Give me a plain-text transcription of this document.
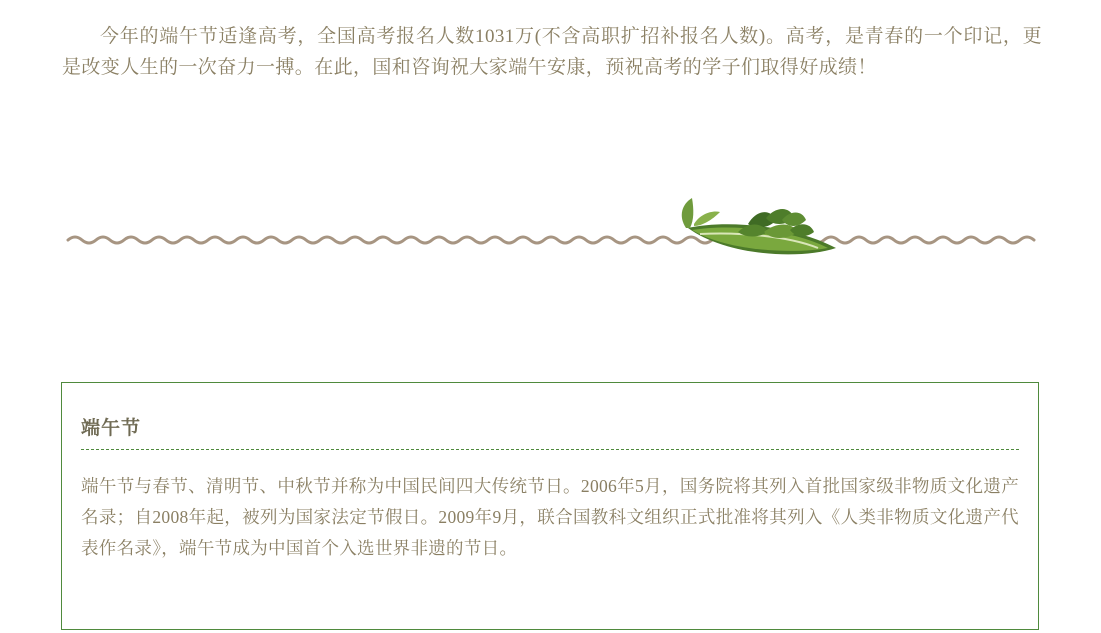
今年的端午节适逢高考，全国高考报名人数1031万(不含高职扩招补报名人数)。高考，是青春的一个印记，更是改变人生的一次奋力一搏。在此，国和咨询祝大家端午安康，预祝高考的学子们取得好成绩！

端午节
端午节与春节、清明节、中秋节并称为中国民间四大传统节日。2006年5月，国务院将其列入首批国家级非物质文化遗产名录；自2008年起，被列为国家法定节假日。2009年9月，联合国教科文组织正式批准将其列入《人类非物质文化遗产代表作名录》，端午节成为中国首个入选世界非遗的节日。
